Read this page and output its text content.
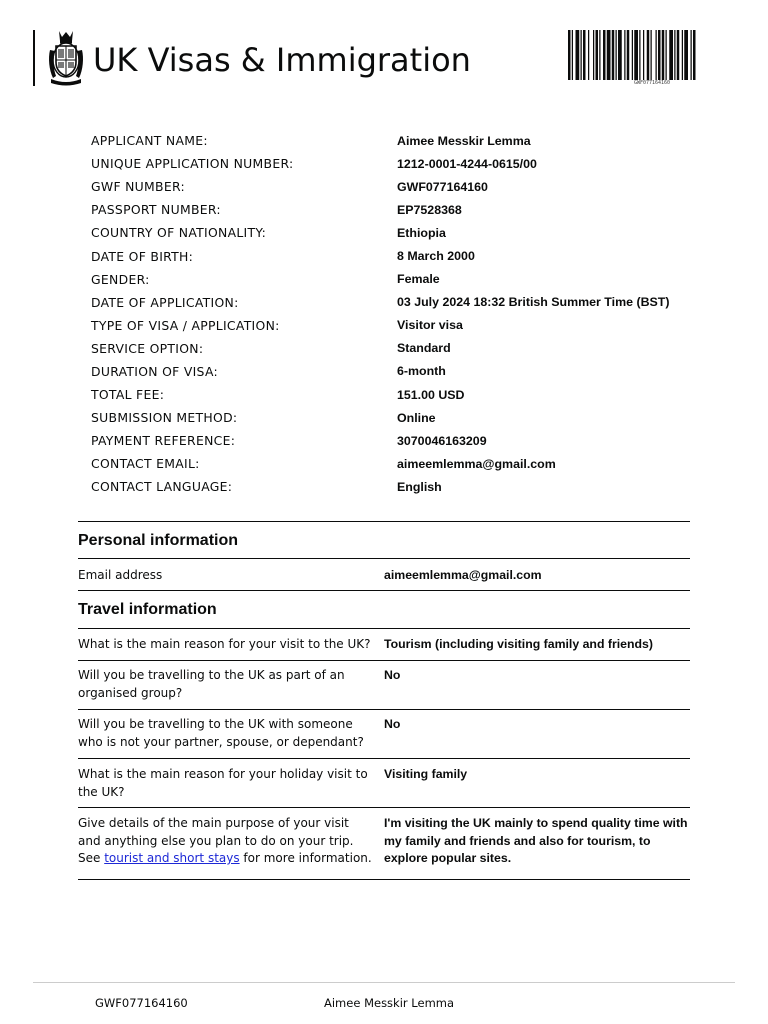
UK Visas & Immigration
GWF077164160
APPLICANT NAME:	Aimee Messkir Lemma
UNIQUE APPLICATION NUMBER:	1212-0001-4244-0615/00
GWF NUMBER:	GWF077164160
PASSPORT NUMBER:	EP7528368
COUNTRY OF NATIONALITY:	Ethiopia
DATE OF BIRTH:	8 March 2000
GENDER:	Female
DATE OF APPLICATION:	03 July 2024 18:32 British Summer Time (BST)
TYPE OF VISA / APPLICATION:	Visitor visa
SERVICE OPTION:	Standard
DURATION OF VISA:	6-month
TOTAL FEE:	151.00 USD
SUBMISSION METHOD:	Online
PAYMENT REFERENCE:	3070046163209
CONTACT EMAIL:	aimeemlemma@gmail.com
CONTACT LANGUAGE:	English
Personal information
Email address	aimeemlemma@gmail.com
Travel information
What is the main reason for your visit to the UK? Tourism (including visiting family and friends)
Will you be travelling to the UK as part of an organised group?
No
Will you be travelling to the UK with someone who is not your partner, spouse, or dependant?
No
What is the main reason for your holiday visit to the UK?
Visiting family
Give details of the main purpose of your visit and anything else you plan to do on your trip. See tourist and short stays for more information.
I'm visiting the UK mainly to spend quality time with my family and friends and also for tourism, to explore popular sites.
GWF077164160	Aimee Messkir Lemma
